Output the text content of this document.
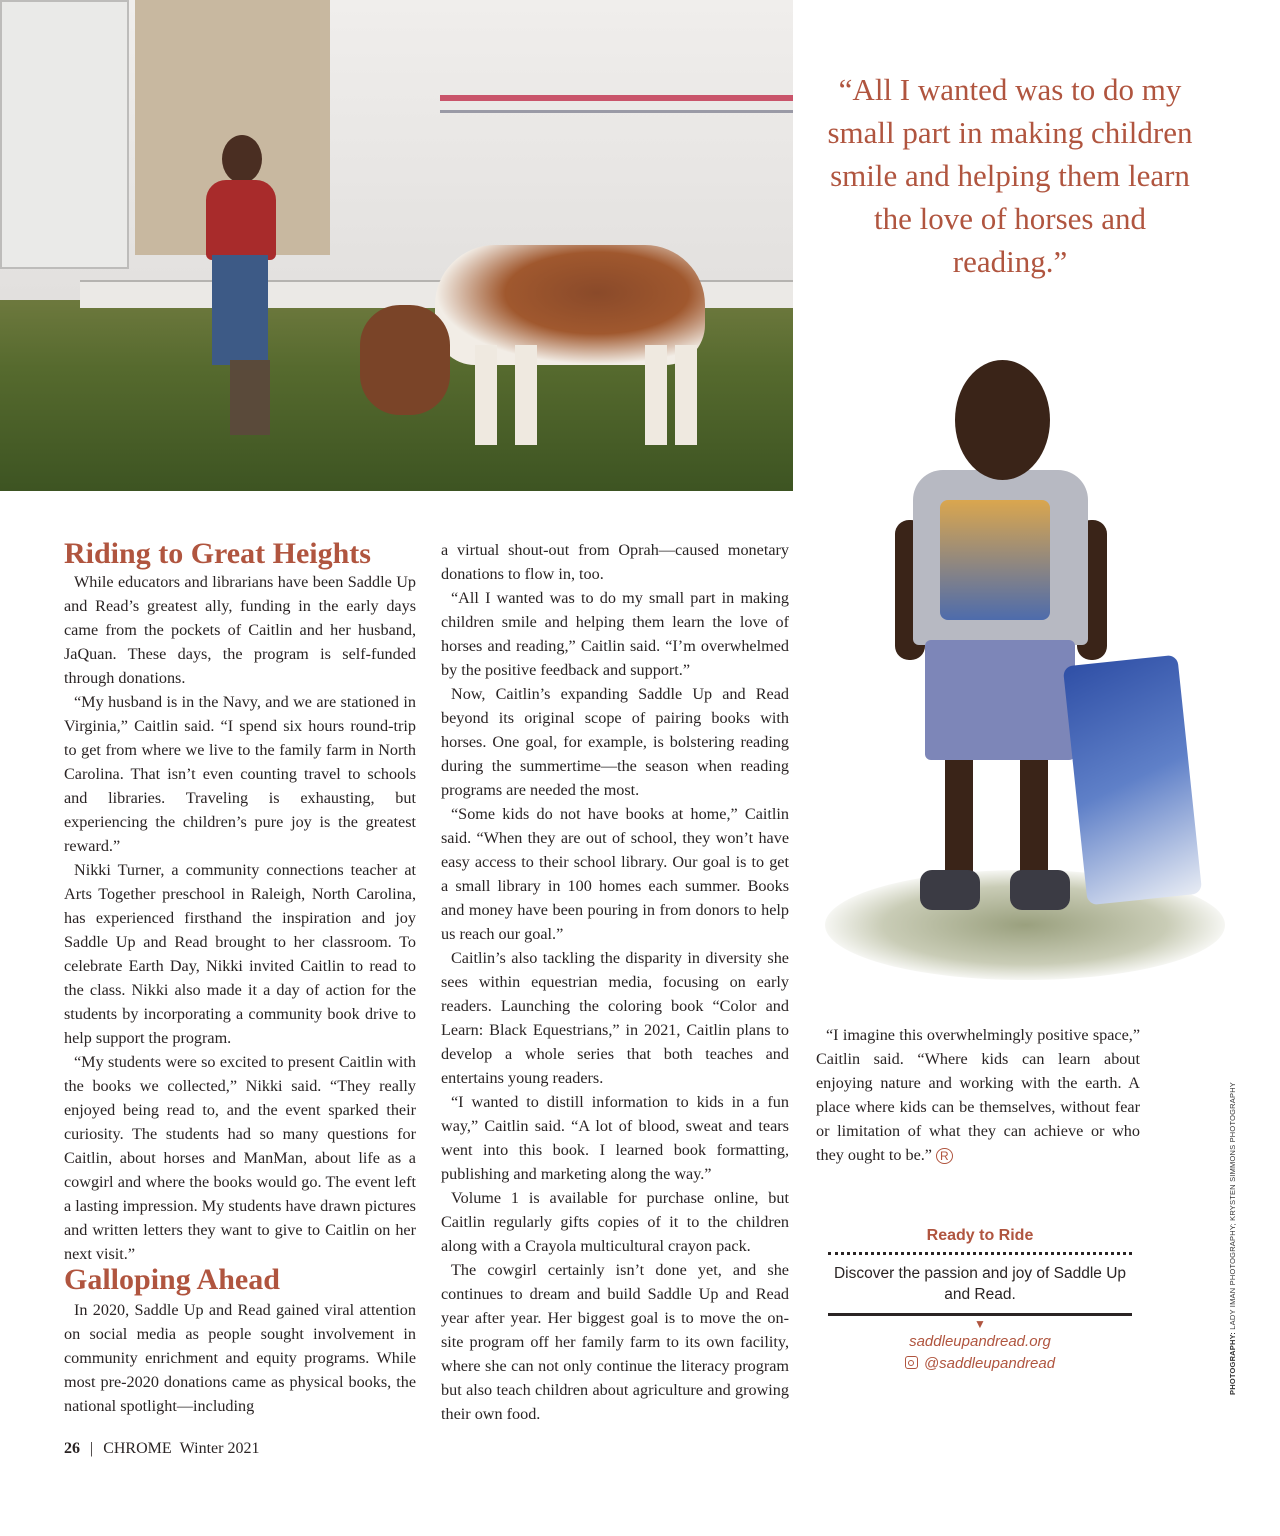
“All I wanted was to do my small part in making children smile and helping them learn the love of horses and reading.”
Riding to Great Heights

While educators and librarians have been Saddle Up and Read’s greatest ally, funding in the early days came from the pockets of Caitlin and her husband, JaQuan. These days, the program is self-funded through donations.

“My husband is in the Navy, and we are stationed in Virginia,” Caitlin said. “I spend six hours round-trip to get from where we live to the family farm in North Carolina. That isn’t even counting travel to schools and libraries. Traveling is exhausting, but experiencing the children’s pure joy is the greatest reward.”

Nikki Turner, a community connections teacher at Arts Together preschool in Raleigh, North Carolina, has experienced firsthand the inspiration and joy Saddle Up and Read brought to her classroom. To celebrate Earth Day, Nikki invited Caitlin to read to the class. Nikki also made it a day of action for the students by incorporating a community book drive to help support the program.

“My students were so excited to present Caitlin with the books we collected,” Nikki said. “They really enjoyed being read to, and the event sparked their curiosity. The students had so many questions for Caitlin, about horses and ManMan, about life as a cowgirl and where the books would go. The event left a lasting impression. My students have drawn pictures and written letters they want to give to Caitlin on her next visit.”

Galloping Ahead

In 2020, Saddle Up and Read gained viral attention on social media as people sought involvement in community enrichment and equity programs. While most pre-2020 donations came as physical books, the national spotlight—including

a virtual shout-out from Oprah—caused monetary donations to flow in, too.

“All I wanted was to do my small part in making children smile and helping them learn the love of horses and reading,” Caitlin said. “I’m overwhelmed by the positive feedback and support.”

Now, Caitlin’s expanding Saddle Up and Read beyond its original scope of pairing books with horses. One goal, for example, is bolstering reading during the summertime—the season when reading programs are needed the most.

“Some kids do not have books at home,” Caitlin said. “When they are out of school, they won’t have easy access to their school library. Our goal is to get a small library in 100 homes each summer. Books and money have been pouring in from donors to help us reach our goal.”

Caitlin’s also tackling the disparity in diversity she sees within equestrian media, focusing on early readers. Launching the coloring book “Color and Learn: Black Equestrians,” in 2021, Caitlin plans to develop a whole series that both teaches and entertains young readers.

“I wanted to distill information to kids in a fun way,” Caitlin said. “A lot of blood, sweat and tears went into this book. I learned book formatting, publishing and marketing along the way.”

Volume 1 is available for purchase online, but Caitlin regularly gifts copies of it to the children along with a Crayola multicultural crayon pack.

The cowgirl certainly isn’t done yet, and she continues to dream and build Saddle Up and Read year after year. Her biggest goal is to move the on-site program off her family farm to its own facility, where she can not only continue the literacy program but also teach children about agriculture and growing their own food.

“I imagine this overwhelmingly positive space,” Caitlin said. “Where kids can learn about enjoying nature and working with the earth. A place where kids can be themselves, without fear or limitation of what they can achieve or who they ought to be.” R

Ready to Ride
Discover the passion and joy of Saddle Up and Read.
▼
saddleupandread.org
@saddleupandread	PHOTOGRAPHY: LADY IMAN PHOTOGRAPHY; KRYSTEN SIMMONS PHOTOGRAPHY
26 | CHROME Winter 2021
